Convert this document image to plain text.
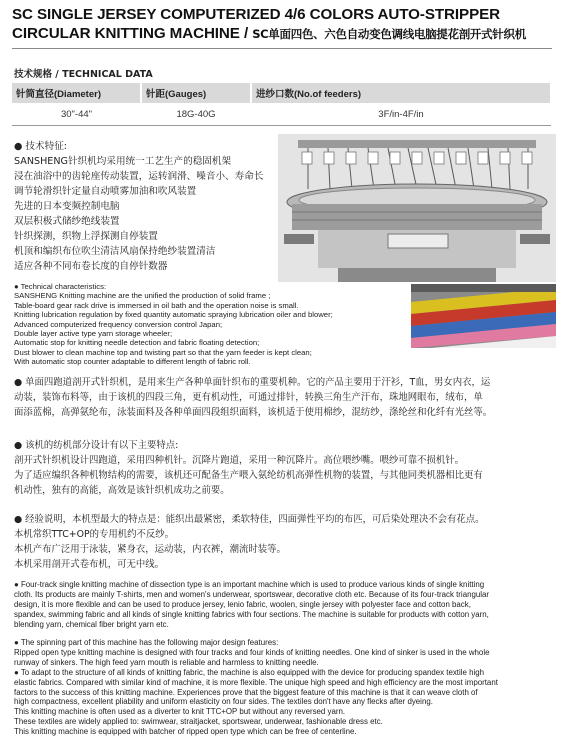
SC SINGLE JERSEY COMPUTERIZED 4/6 COLORS AUTO-STRIPPER
CIRCULAR KNITTING MACHINE / SC单面四色、六色自动变色调线电脑提花剖开式针织机
技术规格 / TECHNICAL DATA
针筒直径(Diameter)	针距(Gauges)	进纱口数(No.of feeders)
30"-44"	18G-40G	3F/in-4F/in
● 技术特征:
SANSHENG针织机均采用统一工艺生产的稳固机架
浸在油浴中的齿轮座传动装置，运转润滑、噪音小、寿命长
调节轮滑织针定量自动喷雾加油和吹风装置
先进的日本变频控制电脑
双层积极式储纱绝线装置
针织探测，织物上浮探测自停装置
机顶和编织布位吹尘清洁风扇保持绝纱装置清洁
适应各种不同布卷长度的自停针数器
● Technical characteristics:
SANSHENG Knitting machine are the unified the production of solid frame ;
Table-board gear rack drive is immersed in oil bath and the operation noise is small.
Knitting lubrication regulation by fixed quantity automatic spraying lubrication oiler and blower;
Advanced computerized frequency conversion control Japan;
Double layer active type yarn storage wheeler;
Automatic stop for knitting needle detection and fabric floating detection;
Dust blower to clean machine top and twisting part so that the yarn feeder is kept clean;
With automatic stop counter adaptable to different length of fabric roll.
● 单面四跑道剖开式针织机，是用来生产各种单面针织布的重要机种。它的产品主要用于汗衫，T血，男女内衣，运
动装，装饰布料等，由于该机的四段三角，更有机动性，可通过排针，转换三角生产汗布，珠地网眼布，绒布，单
面添蓝棉，高弹氨纶布，泳装面料及各种单面四段组织面料，该机适于使用棉纱，混纺纱，涤纶丝和化纤有光丝等。
● 该机的纺机部分设计有以下主要特点:
剖开式针织机设计四跑道，采用四种机针。沉降片跑道，采用一种沉降片。高位喂纱嘴。喂纱可靠不损机针。
为了适应编织各种机物结构的需要，该机还可配备生产喂入氨纶纺机高弹性机物的装置，与其他同类机器相比更有
机动性，独有的高能，高效是该针织机成功之前要。
● 经验说明，本机型最大的特点是：能织出最紧密，柔软特佳，四面弹性平均的布匹，可后染处理决不会有花点。
本机常织TTC+OP的专用机约不反纱。
本机产布广泛用于泳装，紧身衣，运动装，内衣裤，潮流时装等。
本机采用剖开式卷布机，可无中线。
● Four-track single knitting machine of dissection type is an important machine which is used to produce various kinds of single knitting
cloth. Its products are mainly T-shirts, men and women's underwear, sportswear, decorative cloth etc. Because of its four-track triangular
design, it is more flexible and can be used to produce jersey, lenio fabric, woolen, single jersey with polyester face and cotton back,
spandex, swimming fabric and all kinds of single knitting fabrics with four sections. The machine is suitable for products with cotton yarn,
blending yarn, chemical fiber bright yarn etc.
● The spinning part of this machine has the following major design features:
Ripped open type knitting machine is designed with four tracks and four kinds of knitting needles. One kind of sinker is used in the whole
runway of sinkers. The high feed yarn mouth is reliable and harmless to knitting needle.
● To adapt to the structure of all kinds of knitting fabric, the machine is also equipped with the device for producing spandex textile high
elastic fabrics. Compared with similar kind of machine, it is more flexible. The unique high speed and high efficiency are the most important
factors to the success of this knitting machine. Experiences prove that the biggest feature of this machine is that it can weave cloth of
high compactness, excellent pliability and uniform elasticity on four sides. The textiles don't have any flecks after dyeing.
This knitting machine is often used as a diverter to knit TTC+OP but without any reversed yarn.
These textiles are widely applied to: swimwear, straitjacket, sportswear, underwear, fashionable dress etc.
This knitting machine is equipped with batcher of ripped open type which can be free of centerline.
